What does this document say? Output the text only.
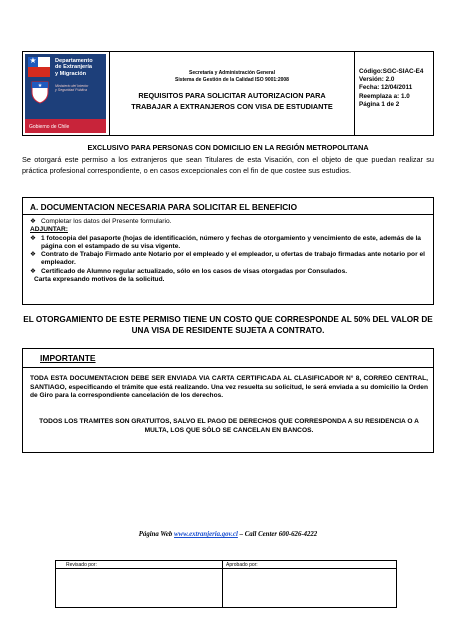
★
★
Departamento
de Extranjería
y Migración
Ministerio del Interior
y Seguridad Pública
Gobierno de Chile
Secretaría y Administración General
Sistema de Gestión de la Calidad ISO 9001:2008
REQUISITOS PARA SOLICITAR AUTORIZACION PARA
TRABAJAR A EXTRANJEROS CON VISA DE ESTUDIANTE
Código:SGC-SIAC-E4
Versión: 2.0
Fecha: 12/04/2011
Reemplaza a: 1.0
Página 1 de 2
EXCLUSIVO PARA PERSONAS CON DOMICILIO EN LA REGIÓN METROPOLITANA
Se otorgará este permiso a los extranjeros que sean Titulares de esta Visación, con el objeto de que puedan realizar su práctica profesional correspondiente, o en casos excepcionales con el fin de que costee sus estudios.
A. DOCUMENTACION NECESARIA PARA SOLICITAR EL BENEFICIO
❖ Completar los datos del Presente formulario.
ADJUNTAR:
❖ 1 fotocopia del pasaporte (hojas de identificación, número y fechas de otorgamiento y vencimiento de este, además de la página con el estampado de su visa vigente.
❖ Contrato de Trabajo Firmado ante Notario por el empleado y el empleador, u ofertas de trabajo firmadas ante notario por el empleador.
❖ Certificado de Alumno regular actualizado, sólo en los casos de visas otorgadas por Consulados.
Carta expresando motivos de la solicitud.
EL OTORGAMIENTO DE ESTE PERMISO TIENE UN COSTO QUE CORRESPONDE AL 50% DEL VALOR DE UNA VISA DE RESIDENTE SUJETA A CONTRATO.
IMPORTANTE
TODA ESTA DOCUMENTACION DEBE SER ENVIADA VIA CARTA CERTIFICADA AL CLASIFICADOR N° 8, CORREO CENTRAL, SANTIAGO, especificando el trámite que está realizando. Una vez resuelta su solicitud, le será enviada a su domicilio la Orden de Giro para la correspondiente cancelación de los derechos.
TODOS LOS TRAMITES SON GRATUITOS, SALVO EL PAGO DE DERECHOS QUE CORRESPONDA A SU RESIDENCIA O A MULTA, LOS QUE SÓLO SE CANCELAN EN BANCOS.
Página Web www.extranjeria.gov.cl – Call Center 600-626-4222
Revisado por:	Aprobado por:
